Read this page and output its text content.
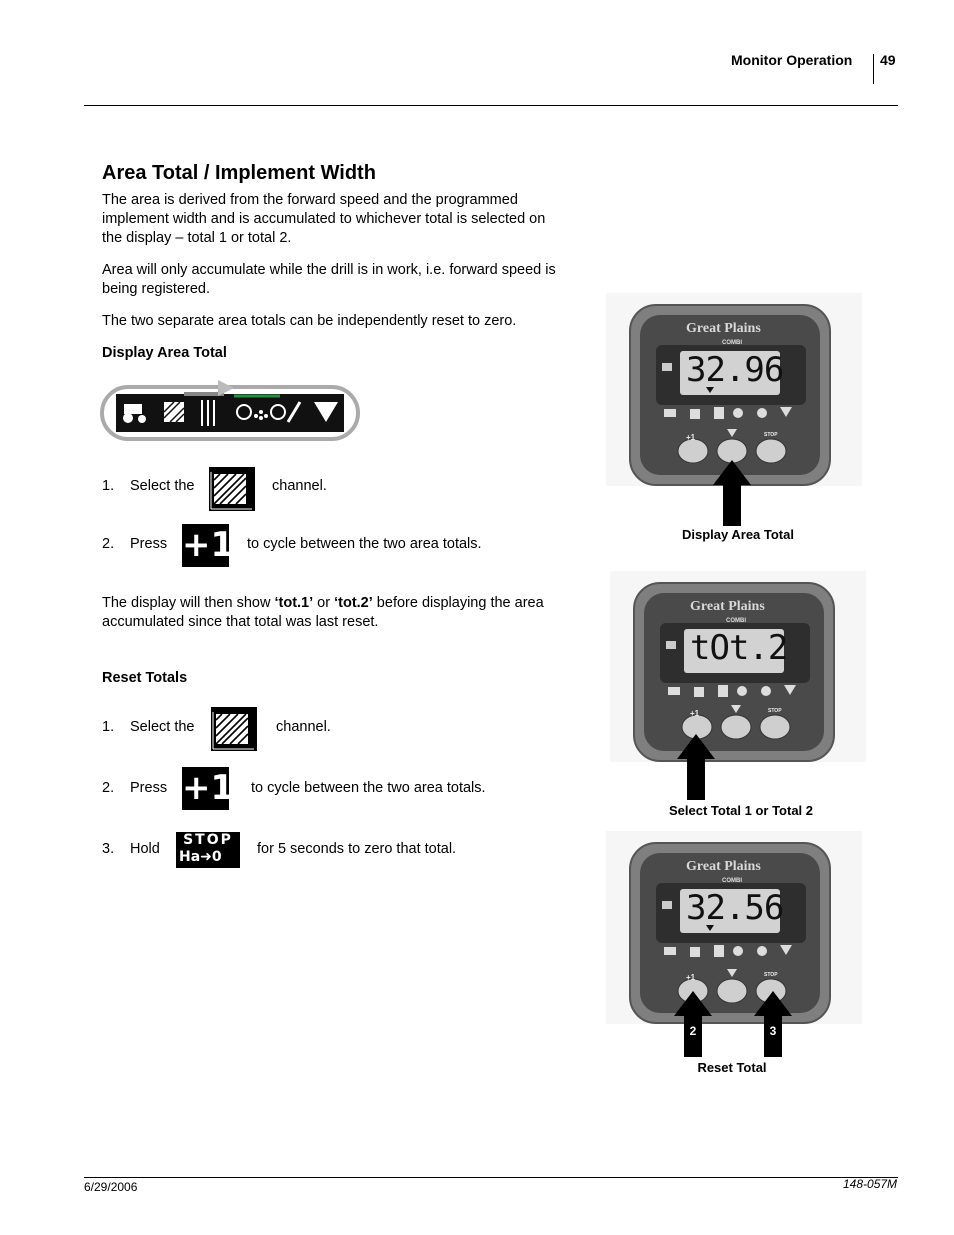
Monitor Operation 49
Area Total / Implement Width

The area is derived from the forward speed and the programmed implement width and is accumulated to whichever total is selected on the display – total 1 or total 2.

Area will only accumulate while the drill is in work, i.e. forward speed is being registered.

The two separate area totals can be independently reset to zero.

Display Area Total
1. Select the	channel.
2. Press	to cycle between the two area totals.
+1

The display will then show ‘tot.1’ or ‘tot.2’ before displaying the area accumulated since that total was last reset.

Reset Totals
1. Select the	channel.
2. Press	to cycle between the two area totals.
+1
3. Hold	for 5 seconds to zero that total.
STOP
Ha➜0
Great Plains
COMBI
32.96
+1	STOP
Display Area Total
Great Plains
COMBI
tOt.2
+1	STOP
Select Total 1 or Total 2
Great Plains
COMBI
32.56
+1	STOP
2	3
Reset Total
6/29/2006	148-057M
